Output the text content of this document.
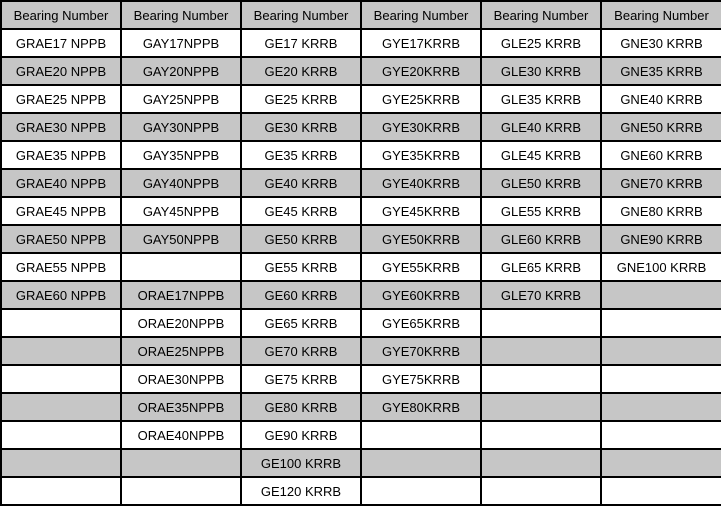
Bearing Number	Bearing Number	Bearing Number	Bearing Number	Bearing Number	Bearing Number
GRAE17 NPPB	GAY17NPPB	GE17 KRRB	GYE17KRRB	GLE25 KRRB	GNE30 KRRB
GRAE20 NPPB	GAY20NPPB	GE20 KRRB	GYE20KRRB	GLE30 KRRB	GNE35 KRRB
GRAE25 NPPB	GAY25NPPB	GE25 KRRB	GYE25KRRB	GLE35 KRRB	GNE40 KRRB
GRAE30 NPPB	GAY30NPPB	GE30 KRRB	GYE30KRRB	GLE40 KRRB	GNE50 KRRB
GRAE35 NPPB	GAY35NPPB	GE35 KRRB	GYE35KRRB	GLE45 KRRB	GNE60 KRRB
GRAE40 NPPB	GAY40NPPB	GE40 KRRB	GYE40KRRB	GLE50 KRRB	GNE70 KRRB
GRAE45 NPPB	GAY45NPPB	GE45 KRRB	GYE45KRRB	GLE55 KRRB	GNE80 KRRB
GRAE50 NPPB	GAY50NPPB	GE50 KRRB	GYE50KRRB	GLE60 KRRB	GNE90 KRRB
GRAE55 NPPB		GE55 KRRB	GYE55KRRB	GLE65 KRRB	GNE100 KRRB
GRAE60 NPPB	ORAE17NPPB	GE60 KRRB	GYE60KRRB	GLE70 KRRB	
	ORAE20NPPB	GE65 KRRB	GYE65KRRB		
	ORAE25NPPB	GE70 KRRB	GYE70KRRB		
	ORAE30NPPB	GE75 KRRB	GYE75KRRB		
	ORAE35NPPB	GE80 KRRB	GYE80KRRB		
	ORAE40NPPB	GE90 KRRB			
		GE100 KRRB			
		GE120 KRRB			
